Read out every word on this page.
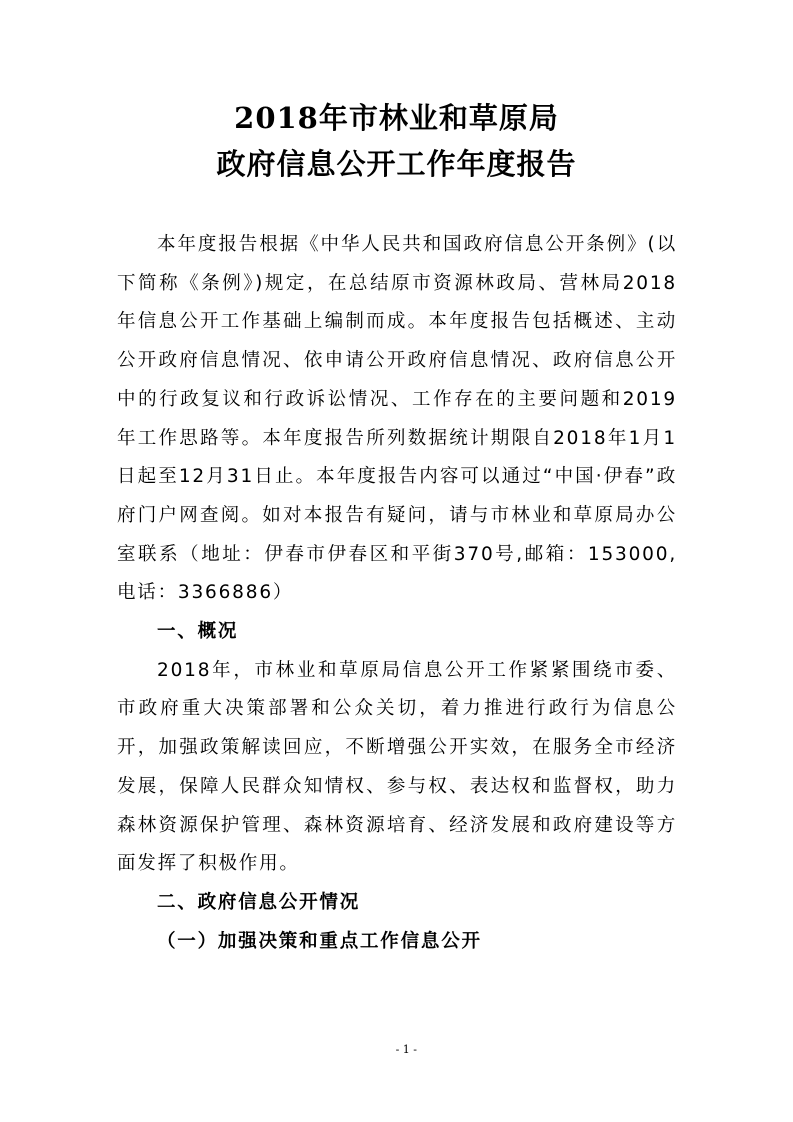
2018年市林业和草原局
政府信息公开工作年度报告

本年度报告根据《中华人民共和国政府信息公开条例》(以下简称《条例》)规定，在总结原市资源林政局、营林局2018年信息公开工作基础上编制而成。本年度报告包括概述、主动公开政府信息情况、依申请公开政府信息情况、政府信息公开中的行政复议和行政诉讼情况、工作存在的主要问题和2019年工作思路等。本年度报告所列数据统计期限自2018年1月1日起至12月31日止。本年度报告内容可以通过“中国·伊春”政府门户网查阅。如对本报告有疑问，请与市林业和草原局办公室联系（地址：伊春市伊春区和平街370号,邮箱：153000,电话：3366886）

一、概况

2018年，市林业和草原局信息公开工作紧紧围绕市委、市政府重大决策部署和公众关切，着力推进行政行为信息公开，加强政策解读回应，不断增强公开实效，在服务全市经济发展，保障人民群众知情权、参与权、表达权和监督权，助力森林资源保护管理、森林资源培育、经济发展和政府建设等方面发挥了积极作用。

二、政府信息公开情况

（一）加强决策和重点工作信息公开

- 1 -
